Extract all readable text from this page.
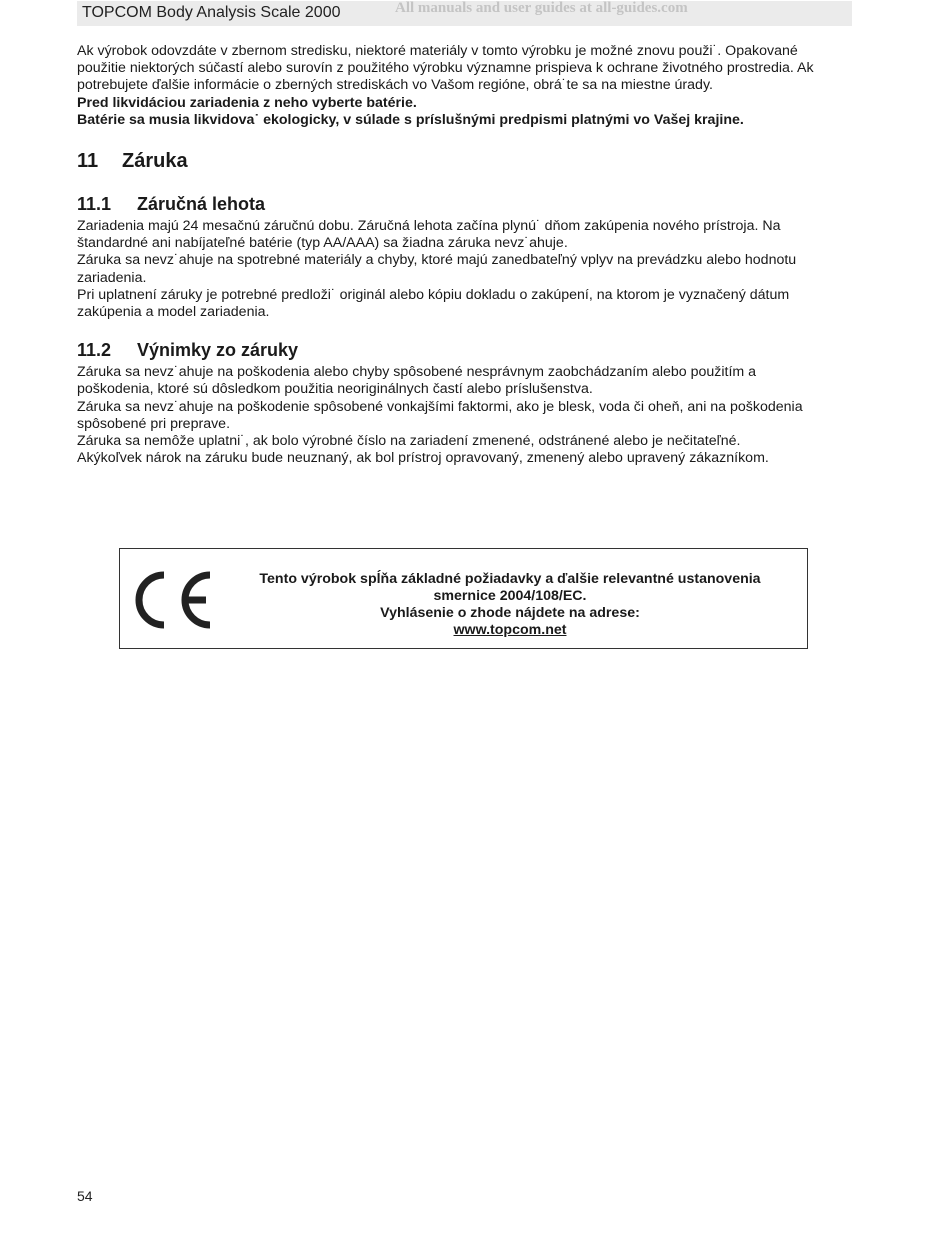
TOPCOM Body Analysis Scale 2000	All manuals and user guides at all-guides.com

Ak výrobok odovzdáte v zbernom stredisku, niektoré materiály v tomto výrobku je možné znovu použi˙. Opakované

použitie niektorých súčastí alebo surovín z použitého výrobku významne prispieva k ochrane životného prostredia. Ak

potrebujete ďalšie informácie o zberných strediskách vo Vašom regióne, obrá˙te sa na miestne úrady.

Pred likvidáciou zariadenia z neho vyberte batérie.

Batérie sa musia likvidova˙ ekologicky, v súlade s príslušnými predpismi platnými vo Vašej krajine.

11 Záruka
11.1 Záručná lehota

Zariadenia majú 24 mesačnú záručnú dobu. Záručná lehota začína plynú˙ dňom zakúpenia nového prístroja. Na

štandardné ani nabíjateľné batérie (typ AA/AAA) sa žiadna záruka nevz˙ahuje.

Záruka sa nevz˙ahuje na spotrebné materiály a chyby, ktoré majú zanedbateľný vplyv na prevádzku alebo hodnotu

zariadenia.

Pri uplatnení záruky je potrebné predloži˙ originál alebo kópiu dokladu o zakúpení, na ktorom je vyznačený dátum

zakúpenia a model zariadenia.

11.2 Výnimky zo záruky

Záruka sa nevz˙ahuje na poškodenia alebo chyby spôsobené nesprávnym zaobchádzaním alebo použitím a

poškodenia, ktoré sú dôsledkom použitia neoriginálnych častí alebo príslušenstva.

Záruka sa nevz˙ahuje na poškodenie spôsobené vonkajšími faktormi, ako je blesk, voda či oheň, ani na poškodenia

spôsobené pri preprave.

Záruka sa nemôže uplatni˙, ak bolo výrobné číslo na zariadení zmenené, odstránené alebo je nečitateľné.

Akýkoľvek nárok na záruku bude neuznaný, ak bol prístroj opravovaný, zmenený alebo upravený zákazníkom.

Tento výrobok spĺňa základné požiadavky a ďalšie relevantné ustanovenia
smernice 2004/108/EC.
Vyhlásenie o zhode nájdete na adrese:
www.topcom.net
54
